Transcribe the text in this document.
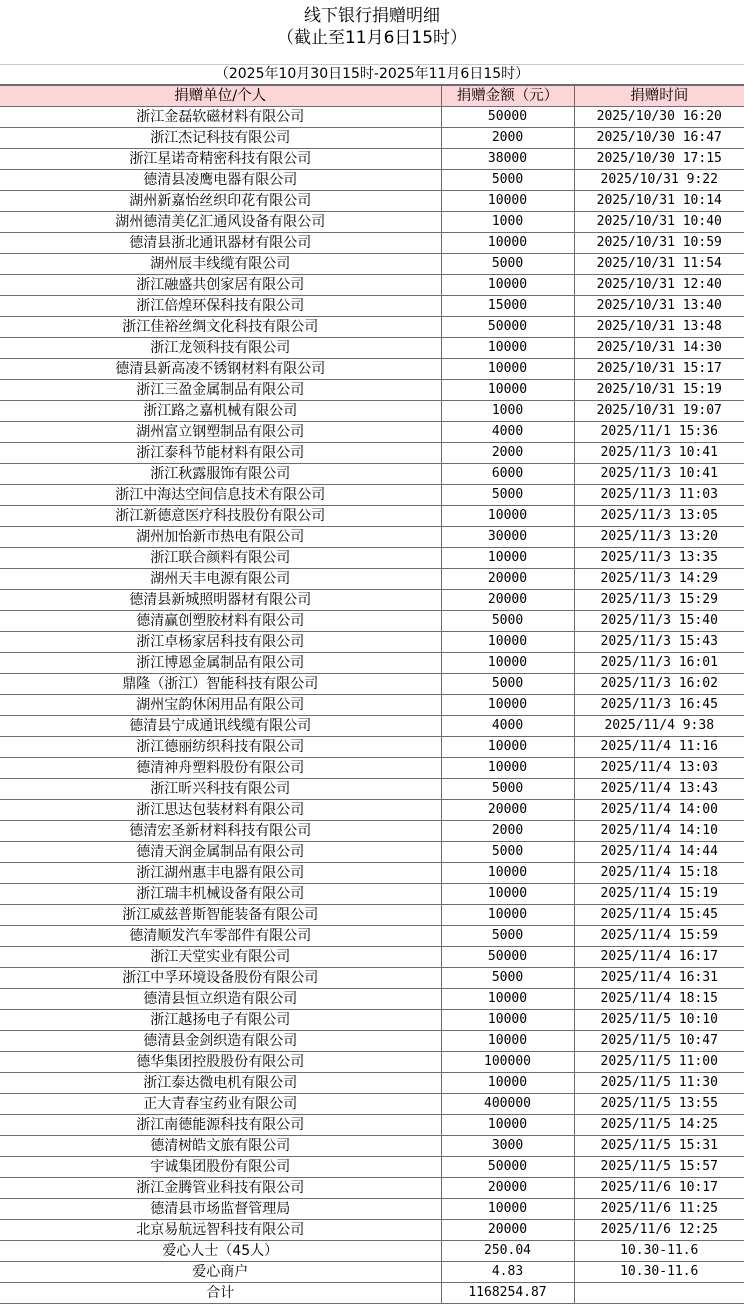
线下银行捐赠明细
（截止至11月6日15时）
（2025年10月30日15时-2025年11月6日15时）
捐赠单位/个人	捐赠金额（元）	捐赠时间
浙江金磊软磁材料有限公司	50000	2025/10/30 16:20
浙江杰记科技有限公司	2000	2025/10/30 16:47
浙江星诺奇精密科技有限公司	38000	2025/10/30 17:15
德清县凌鹰电器有限公司	5000	2025/10/31 9:22
湖州新嘉怡丝织印花有限公司	10000	2025/10/31 10:14
湖州德清美亿汇通风设备有限公司	1000	2025/10/31 10:40
德清县浙北通讯器材有限公司	10000	2025/10/31 10:59
湖州辰丰线缆有限公司	5000	2025/10/31 11:54
浙江融盛共创家居有限公司	10000	2025/10/31 12:40
浙江倍煌环保科技有限公司	15000	2025/10/31 13:40
浙江佳裕丝绸文化科技有限公司	50000	2025/10/31 13:48
浙江龙领科技有限公司	10000	2025/10/31 14:30
德清县新高凌不锈钢材料有限公司	10000	2025/10/31 15:17
浙江三盈金属制品有限公司	10000	2025/10/31 15:19
浙江路之嘉机械有限公司	1000	2025/10/31 19:07
湖州富立钢塑制品有限公司	4000	2025/11/1 15:36
浙江泰科节能材料有限公司	2000	2025/11/3 10:41
浙江秋露服饰有限公司	6000	2025/11/3 10:41
浙江中海达空间信息技术有限公司	5000	2025/11/3 11:03
浙江新德意医疗科技股份有限公司	10000	2025/11/3 13:05
湖州加怡新市热电有限公司	30000	2025/11/3 13:20
浙江联合颜料有限公司	10000	2025/11/3 13:35
湖州天丰电源有限公司	20000	2025/11/3 14:29
德清县新城照明器材有限公司	20000	2025/11/3 15:29
德清赢创塑胶材料有限公司	5000	2025/11/3 15:40
浙江卓杨家居科技有限公司	10000	2025/11/3 15:43
浙江博恩金属制品有限公司	10000	2025/11/3 16:01
鼎隆（浙江）智能科技有限公司	5000	2025/11/3 16:02
湖州宝韵休闲用品有限公司	10000	2025/11/3 16:45
德清县宁成通讯线缆有限公司	4000	2025/11/4 9:38
浙江德丽纺织科技有限公司	10000	2025/11/4 11:16
德清神舟塑料股份有限公司	10000	2025/11/4 13:03
浙江昕兴科技有限公司	5000	2025/11/4 13:43
浙江思达包装材料有限公司	20000	2025/11/4 14:00
德清宏圣新材料科技有限公司	2000	2025/11/4 14:10
德清天润金属制品有限公司	5000	2025/11/4 14:44
浙江湖州惠丰电器有限公司	10000	2025/11/4 15:18
浙江瑞丰机械设备有限公司	10000	2025/11/4 15:19
浙江威兹普斯智能装备有限公司	10000	2025/11/4 15:45
德清顺发汽车零部件有限公司	5000	2025/11/4 15:59
浙江天堂实业有限公司	50000	2025/11/4 16:17
浙江中孚环境设备股份有限公司	5000	2025/11/4 16:31
德清县恒立织造有限公司	10000	2025/11/4 18:15
浙江越扬电子有限公司	10000	2025/11/5 10:10
德清县金剑织造有限公司	10000	2025/11/5 10:47
德华集团控股股份有限公司	100000	2025/11/5 11:00
浙江泰达微电机有限公司	10000	2025/11/5 11:30
正大青春宝药业有限公司	400000	2025/11/5 13:55
浙江南德能源科技有限公司	10000	2025/11/5 14:25
德清树皓文旅有限公司	3000	2025/11/5 15:31
宇诚集团股份有限公司	50000	2025/11/5 15:57
浙江金腾管业科技有限公司	20000	2025/11/6 10:17
德清县市场监督管理局	10000	2025/11/6 11:25
北京易航远智科技有限公司	20000	2025/11/6 12:25
爱心人士（45人）	250.04	10.30-11.6
爱心商户	4.83	10.30-11.6
合计	1168254.87	
